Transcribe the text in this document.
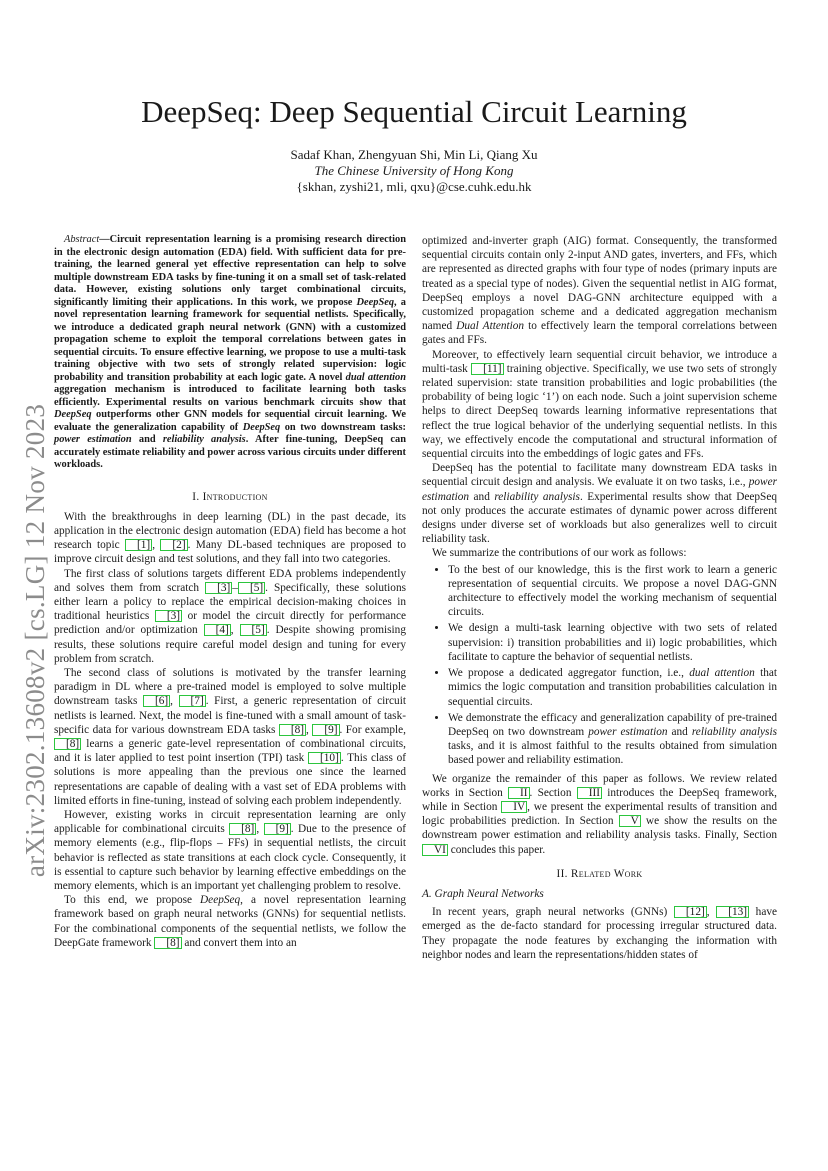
arXiv:2302.13608v2 [cs.LG] 12 Nov 2023
DeepSeq: Deep Sequential Circuit Learning
Sadaf Khan, Zhengyuan Shi, Min Li, Qiang Xu
The Chinese University of Hong Kong
{skhan, zyshi21, mli, qxu}@cse.cuhk.edu.hk

Abstract—Circuit representation learning is a promising research direction in the electronic design automation (EDA) field. With sufficient data for pre-training, the learned general yet effective representation can help to solve multiple downstream EDA tasks by fine-tuning it on a small set of task-related data. However, existing solutions only target combinational circuits, significantly limiting their applications. In this work, we propose DeepSeq, a novel representation learning framework for sequential netlists. Specifically, we introduce a dedicated graph neural network (GNN) with a customized propagation scheme to exploit the temporal correlations between gates in sequential circuits. To ensure effective learning, we propose to use a multi-task training objective with two sets of strongly related supervision: logic probability and transition probability at each logic gate. A novel dual attention aggregation mechanism is introduced to facilitate learning both tasks efficiently. Experimental results on various benchmark circuits show that DeepSeq outperforms other GNN models for sequential circuit learning. We evaluate the generalization capability of DeepSeq on two downstream tasks: power estimation and reliability analysis. After fine-tuning, DeepSeq can accurately estimate reliability and power across various circuits under different workloads.

I. Introduction

With the breakthroughs in deep learning (DL) in the past decade, its application in the electronic design automation (EDA) field has become a hot research topic [1] , [2] . Many DL-based techniques are proposed to improve circuit design and test solutions, and they fall into two categories.

The first class of solutions targets different EDA problems independently and solves them from scratch [3] – [5] . Specifically, these solutions either learn a policy to replace the empirical decision-making choices in traditional heuristics [3] or model the circuit directly for performance prediction and/or optimization [4] , [5] . Despite showing promising results, these solutions require careful model design and tuning for every problem from scratch.

The second class of solutions is motivated by the transfer learning paradigm in DL where a pre-trained model is employed to solve multiple downstream tasks [6] , [7] . First, a generic representation of circuit netlists is learned. Next, the model is fine-tuned with a small amount of task-specific data for various downstream EDA tasks [8] , [9] . For example, [8] learns a generic gate-level representation of combinational circuits, and it is later applied to test point insertion (TPI) task [10] . This class of solutions is more appealing than the previous one since the learned representations are capable of dealing with a vast set of EDA problems with limited efforts in fine-tuning, instead of solving each problem independently.

However, existing works in circuit representation learning are only applicable for combinational circuits [8] , [9] . Due to the presence of memory elements (e.g., flip-flops – FFs) in sequential netlists, the circuit behavior is reflected as state transitions at each clock cycle. Consequently, it is essential to capture such behavior by learning effective embeddings on the memory elements, which is an important yet challenging problem to resolve.

To this end, we propose DeepSeq, a novel representation learning framework based on graph neural networks (GNNs) for sequential netlists. For the combinational components of the sequential netlists, we follow the DeepGate framework [8] and convert them into an

optimized and-inverter graph (AIG) format. Consequently, the transformed sequential circuits contain only 2-input AND gates, inverters, and FFs, which are represented as directed graphs with four type of nodes (primary inputs are treated as a special type of nodes). Given the sequential netlist in AIG format, DeepSeq employs a novel DAG-GNN architecture equipped with a customized propagation scheme and a dedicated aggregation mechanism named Dual Attention to effectively learn the temporal correlations between gates and FFs.

Moreover, to effectively learn sequential circuit behavior, we introduce a multi-task [11] training objective. Specifically, we use two sets of strongly related supervision: state transition probabilities and logic probabilities (the probability of being logic ‘1’) on each node. Such a joint supervision scheme helps to direct DeepSeq towards learning informative representations that reflect the true logical behavior of the underlying sequential netlists. In this way, we effectively encode the computational and structural information of sequential circuits into the embeddings of logic gates and FFs.

DeepSeq has the potential to facilitate many downstream EDA tasks in sequential circuit design and analysis. We evaluate it on two tasks, i.e., power estimation and reliability analysis. Experimental results show that DeepSeq not only produces the accurate estimates of dynamic power across different designs under diverse set of workloads but also generalizes well to circuit reliability task.

We summarize the contributions of our work as follows:

• To the best of our knowledge, this is the first work to learn a generic representation of sequential circuits. We propose a novel DAG-GNN architecture to effectively model the working mechanism of sequential circuits.
• We design a multi-task learning objective with two sets of related supervision: i) transition probabilities and ii) logic probabilities, which facilitate to capture the behavior of sequential netlists.
• We propose a dedicated aggregator function, i.e., dual attention that mimics the logic computation and transition probabilities calculation in sequential circuits.
• We demonstrate the efficacy and generalization capability of pre-trained DeepSeq on two downstream power estimation and reliability analysis tasks, and it is almost faithful to the results obtained from simulation based power and reliability estimation.

We organize the remainder of this paper as follows. We review related works in Section II . Section III introduces the DeepSeq framework, while in Section IV , we present the experimental results of transition and logic probabilities prediction. In Section V we show the results on the downstream power estimation and reliability analysis tasks. Finally, Section VI concludes this paper.

II. Related Work
A. Graph Neural Networks

In recent years, graph neural networks (GNNs) [12] , [13] have emerged as the de-facto standard for processing irregular structured data. They propagate the node features by exchanging the information with neighbor nodes and learn the representations/hidden states of
